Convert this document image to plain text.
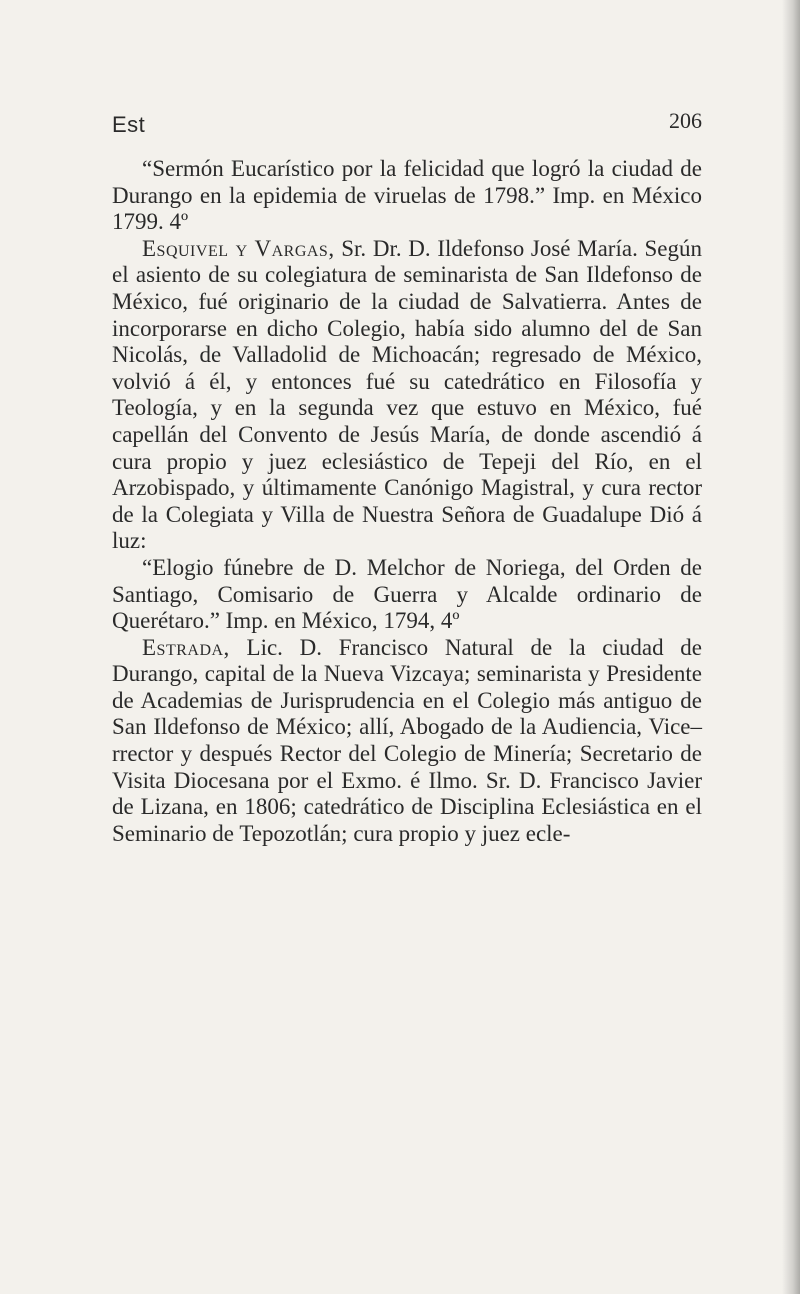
Est	206

“Sermón Eucarístico por la felicidad que logró la ciudad de Durango en la epidemia de viruelas de 1798.” Imp. en México 1799. 4º

Esquivel y Vargas, Sr. Dr. D. Ildefonso José María. Según el asiento de su colegiatura de seminarista de San Ildefonso de México, fué originario de la ciudad de Salvatierra. Antes de incorporarse en dicho Colegio, había sido alumno del de San Nicolás, de Valladolid de Michoacán; regresado de México, volvió á él, y entonces fué su catedrático en Filosofía y Teología, y en la segunda vez que estuvo en México, fué capellán del Convento de Jesús María, de donde ascendió á cura propio y juez eclesiástico de Tepeji del Río, en el Arzobispado, y últimamente Canónigo Magistral, y cura rector de la Colegiata y Villa de Nuestra Señora de Guadalupe Dió á luz:

“Elogio fúnebre de D. Melchor de Noriega, del Orden de Santiago, Comisario de Guerra y Alcalde ordinario de Querétaro.” Imp. en México, 1794, 4º

Estrada, Lic. D. Francisco Natural de la ciudad de Durango, capital de la Nueva Vizcaya; seminarista y Presidente de Academias de Jurisprudencia en el Colegio más antiguo de San Ildefonso de México; allí, Abogado de la Audiencia, Vice–rrector y después Rector del Colegio de Minería; Secretario de Visita Diocesana por el Exmo. é Ilmo. Sr. D. Francisco Javier de Lizana, en 1806; catedrático de Disciplina Eclesiástica en el Seminario de Tepozotlán; cura propio y juez ecle-
